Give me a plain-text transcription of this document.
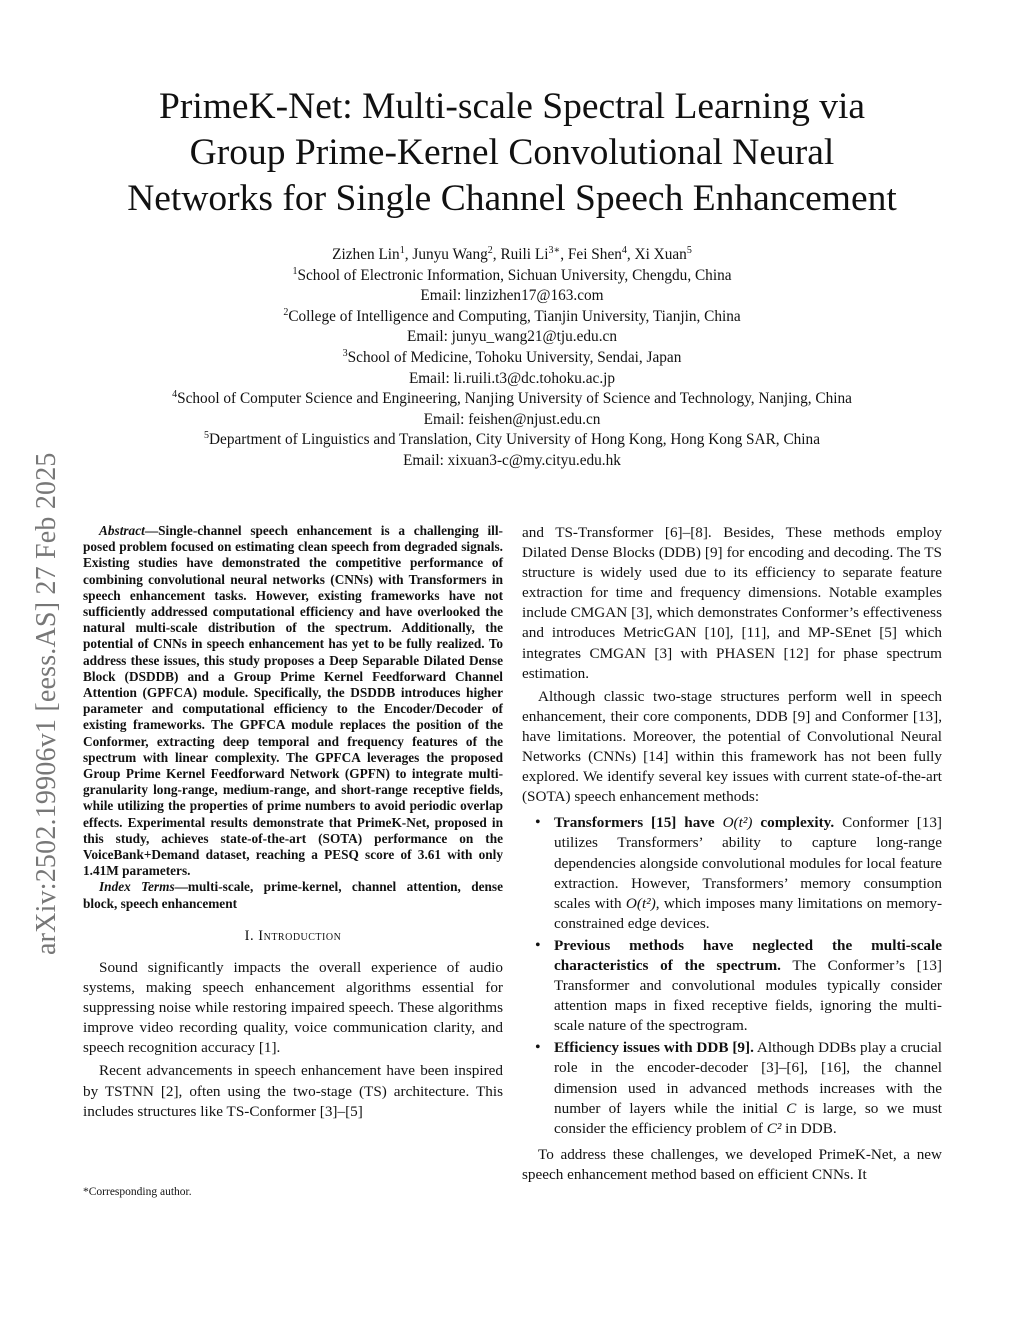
arXiv:2502.19906v1 [eess.AS] 27 Feb 2025
PrimeK-Net: Multi-scale Spectral Learning via
Group Prime-Kernel Convolutional Neural
Networks for Single Channel Speech Enhancement
Zizhen Lin$^1$, Junyu Wang$^2$, Ruili $Li^{3∗}$, Fei Shen$^4$, Xi Xuan$^5$
$^1$School of Electronic Information, Sichuan University, Chengdu, China
Email: linzizhen17@163.com
$^2$College of Intelligence and Computing, Tianjin University, Tianjin, China
Email: junyu_wang21@tju.edu.cn
$^3$School of Medicine, Tohoku University, Sendai, Japan
Email: li.ruili.t3@dc.tohoku.ac.jp
$^4$School of Computer Science and Engineering, Nanjing University of Science and Technology, Nanjing, China
Email: feishen@njust.edu.cn
$^5$Department of Linguistics and Translation, City University of Hong Kong, Hong Kong SAR, China
Email: xixuan3-c@my.cityu.edu.hk

Abstract—Single-channel speech enhancement is a challenging ill-posed problem focused on estimating clean speech from degraded signals. Existing studies have demonstrated the competitive performance of combining convolutional neural networks (CNNs) with Transformers in speech enhancement tasks. However, existing frameworks have not sufficiently addressed computational efficiency and have overlooked the natural multi-scale distribution of the spectrum. Additionally, the potential of CNNs in speech enhancement has yet to be fully realized. To address these issues, this study proposes a Deep Separable Dilated Dense Block (DSDDB) and a Group Prime Kernel Feedforward Channel Attention (GPFCA) module. Specifically, the DSDDB introduces higher parameter and computational efficiency to the Encoder/Decoder of existing frameworks. The GPFCA module replaces the position of the Conformer, extracting deep temporal and frequency features of the spectrum with linear complexity. The GPFCA leverages the proposed Group Prime Kernel Feedforward Network (GPFN) to integrate multi-granularity long-range, medium-range, and short-range receptive fields, while utilizing the properties of prime numbers to avoid periodic overlap effects. Experimental results demonstrate that PrimeK-Net, proposed in this study, achieves state-of-the-art (SOTA) performance on the VoiceBank+Demand dataset, reaching a PESQ score of 3.61 with only 1.41M parameters.

Index Terms—multi-scale, prime-kernel, channel attention, dense block, speech enhancement

I. Introduction

Sound significantly impacts the overall experience of audio systems, making speech enhancement algorithms essential for suppressing noise while restoring impaired speech. These algorithms improve video recording quality, voice communication clarity, and speech recognition accuracy [1].

Recent advancements in speech enhancement have been inspired by TSTNN [2], often using the two-stage (TS) architecture. This includes structures like TS-Conformer [3]–[5]

and TS-Transformer [6]–[8]. Besides, These methods employ Dilated Dense Blocks (DDB) [9] for encoding and decoding. The TS structure is widely used due to its efficiency to separate feature extraction for time and frequency dimensions. Notable examples include CMGAN [3], which demonstrates Conformer’s effectiveness and introduces MetricGAN [10], [11], and MP-SEnet [5] which integrates CMGAN [3] with PHASEN [12] for phase spectrum estimation.

Although classic two-stage structures perform well in speech enhancement, their core components, DDB [9] and Conformer [13], have limitations. Moreover, the potential of Convolutional Neural Networks (CNNs) [14] within this framework has not been fully explored. We identify several key issues with current state-of-the-art (SOTA) speech enhancement methods:

• Transformers [15] have O(t²) complexity. Conformer [13] utilizes Transformers’ ability to capture long-range dependencies alongside convolutional modules for local feature extraction. However, Transformers’ memory consumption scales with O(t²), which imposes many limitations on memory-constrained edge devices.
• Previous methods have neglected the multi-scale characteristics of the spectrum. The Conformer’s [13] Transformer and convolutional modules typically consider attention maps in fixed receptive fields, ignoring the multi-scale nature of the spectrogram.
• Efficiency issues with DDB [9]. Although DDBs play a crucial role in the encoder-decoder [3]–[6], [16], the channel dimension used in advanced methods increases with the number of layers while the initial C is large, so we must consider the efficiency problem of C² in DDB.

To address these challenges, we developed PrimeK-Net, a new speech enhancement method based on efficient CNNs. It

*Corresponding author.
